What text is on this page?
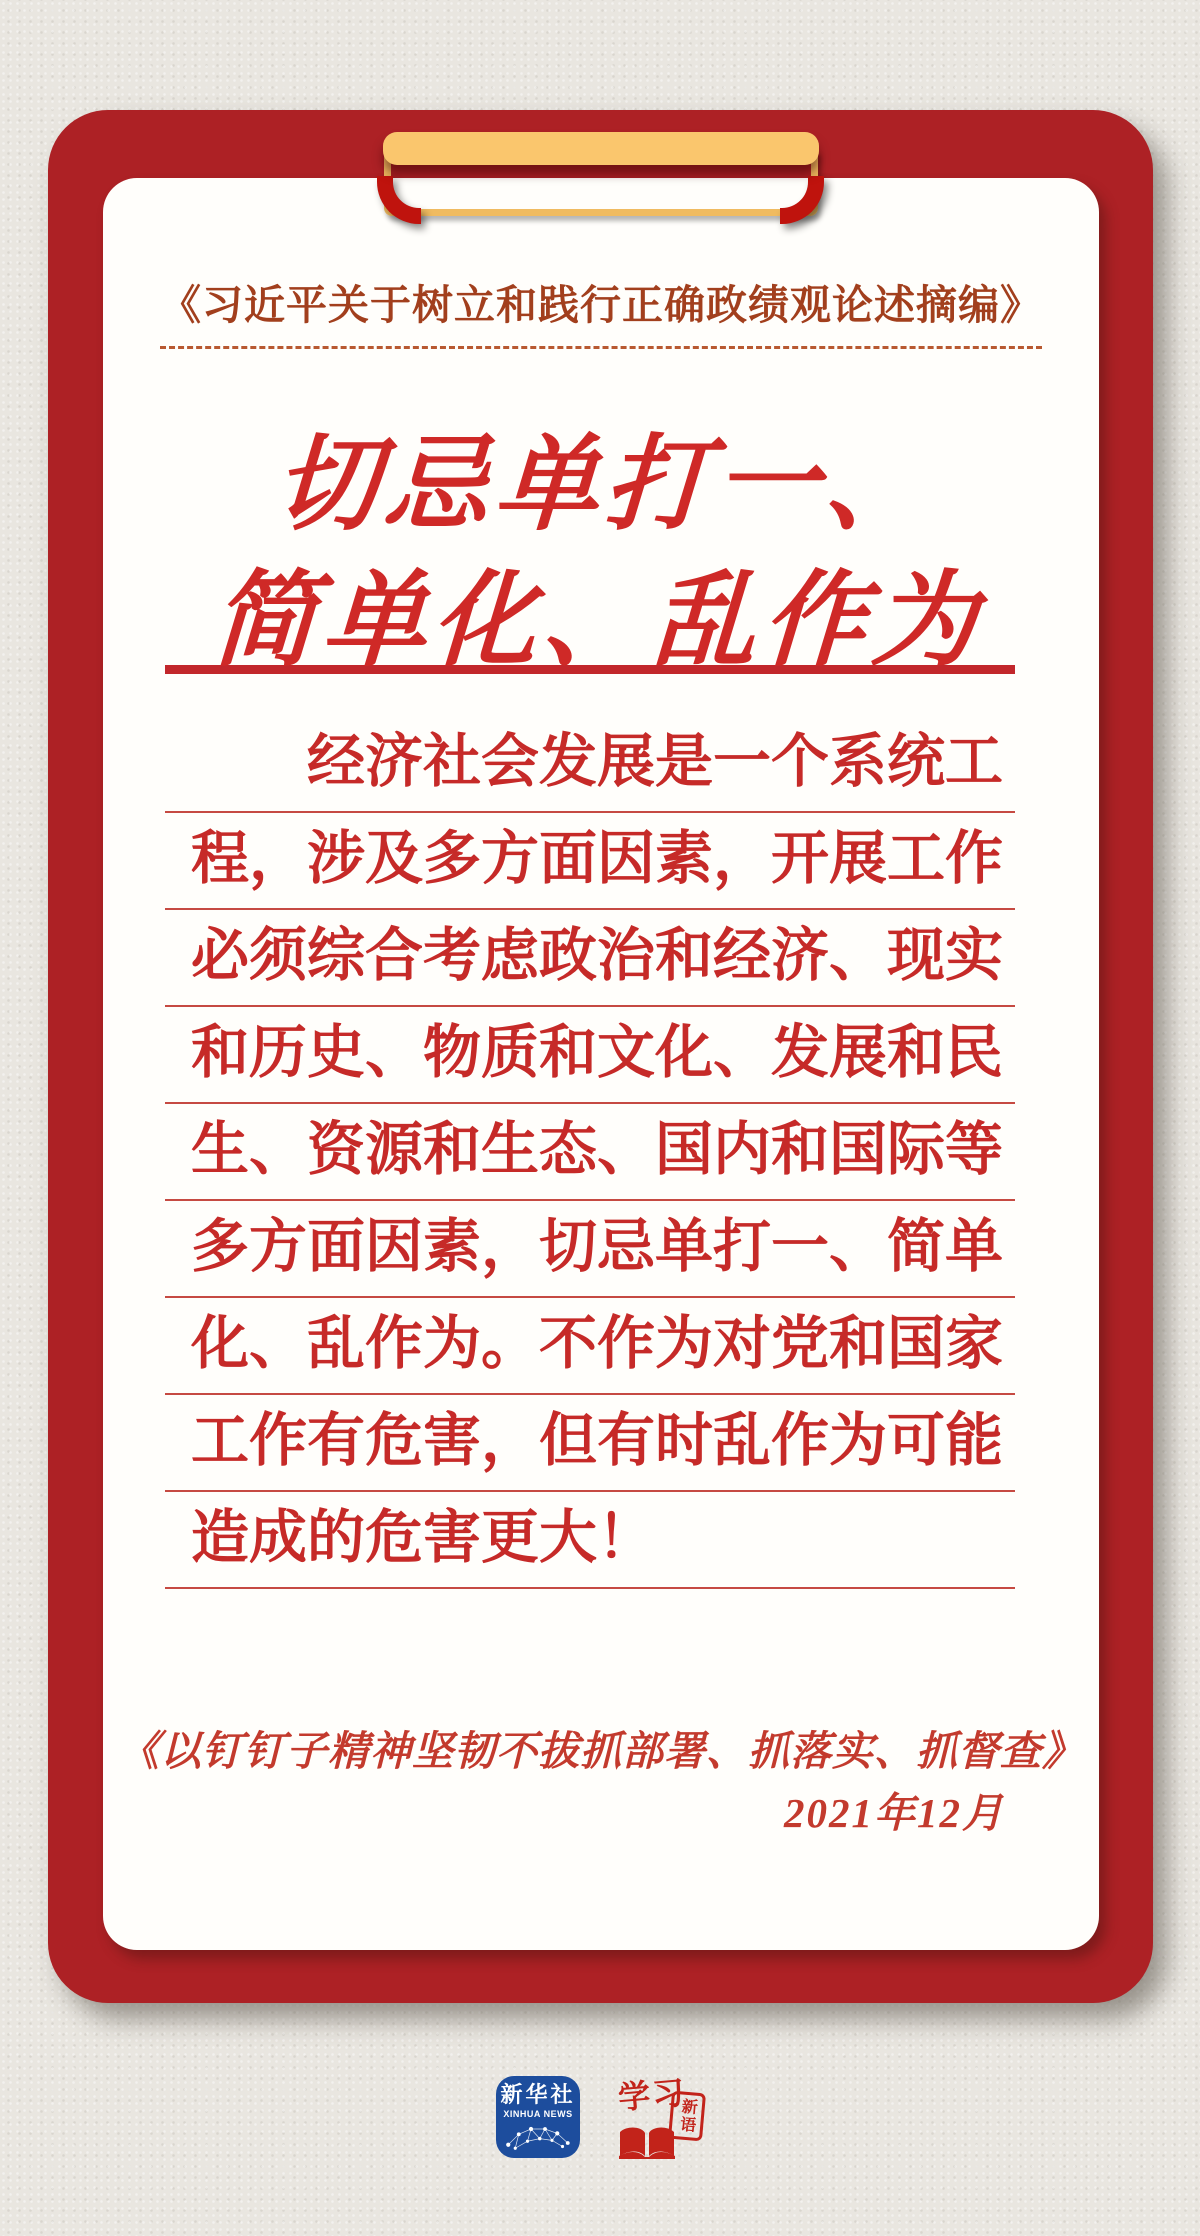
《习近平关于树立和践行正确政绩观论述摘编》
切忌单打一、
简单化、乱作为
经济社会发展是一个系统工
程，涉及多方面因素，开展工作
必须综合考虑政治和经济、现实
和历史、物质和文化、发展和民
生、资源和生态、国内和国际等
多方面因素，切忌单打一、简单
化、乱作为。不作为对党和国家
工作有危害，但有时乱作为可能
造成的危害更大！
《以钉钉子精神坚韧不拔抓部署、抓落实、抓督查》
2021年12月
新华社
XINHUA NEWS 学习
新语
